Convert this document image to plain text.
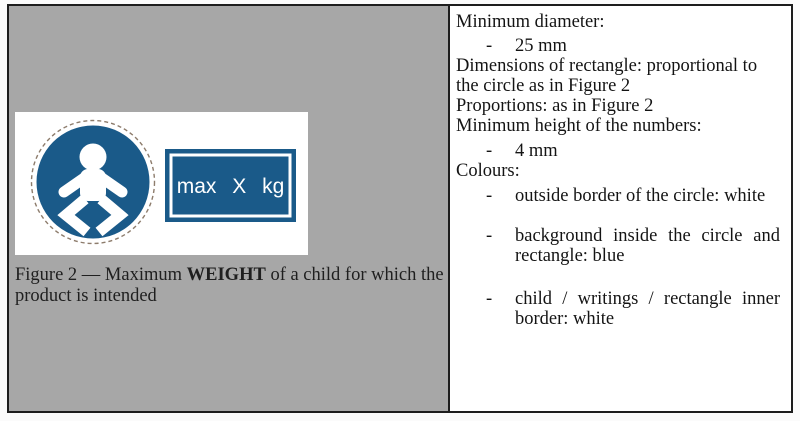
max X kg
Figure 2 — Maximum WEIGHT of a child for which the product is intended

Minimum diameter:

-	25 mm

Dimensions of rectangle: proportional to the circle as in Figure 2

Proportions: as in Figure 2

Minimum height of the numbers:

-	4 mm

Colours:

-	outside border of the circle: white
-	background inside the circle and rectangle: blue
-	child / writings / rectangle inner border: white
